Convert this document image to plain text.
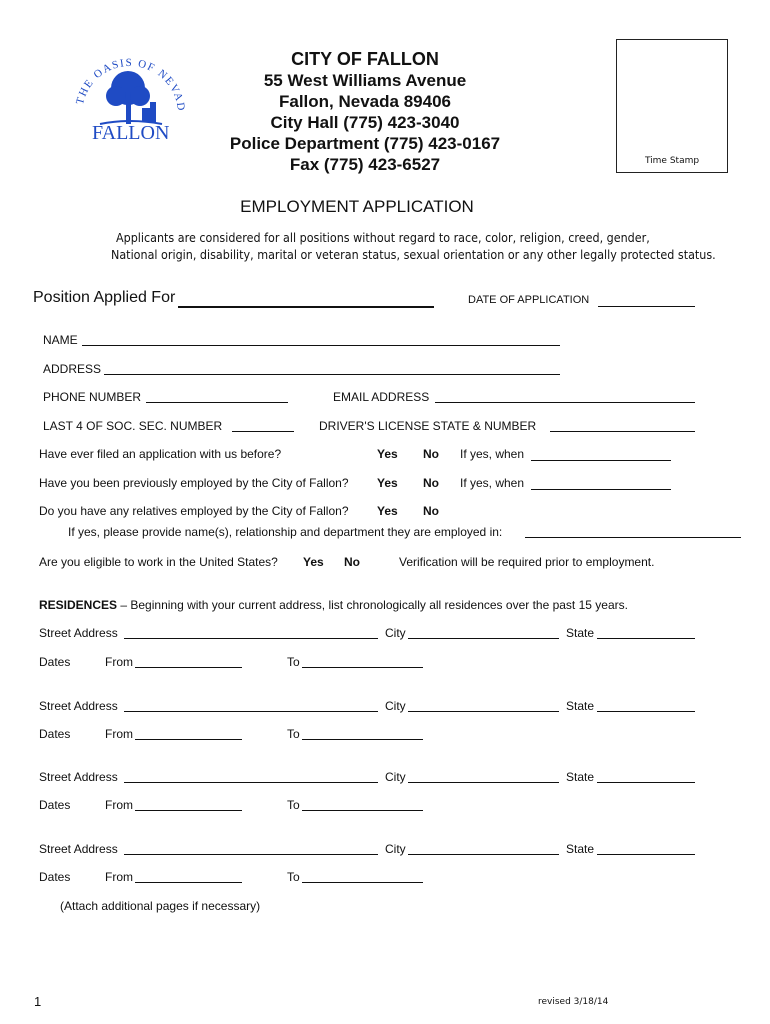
THE OASIS OF NEVAD
FALLON
CITY OF FALLON
55 West Williams Avenue
Fallon, Nevada 89406
City Hall (775) 423-3040
Police Department (775) 423-0167
Fax (775) 423-6527	Time Stamp
EMPLOYMENT APPLICATION
Applicants are considered for all positions without regard to race, color, religion, creed, gender,
National origin, disability, marital or veteran status, sexual orientation or any other legally protected status.
Position Applied For	DATE OF APPLICATION
NAME
ADDRESS
PHONE NUMBER	EMAIL ADDRESS
LAST 4 OF SOC. SEC. NUMBER	DRIVER'S LICENSE STATE & NUMBER
Have ever filed an application with us before?	Yes No If yes, when
Have you been previously employed by the City of Fallon? Yes No If yes, when
Do you have any relatives employed by the City of Fallon? Yes No
If yes, please provide name(s), relationship and department they are employed in:
Are you eligible to work in the United States? Yes No	Verification will be required prior to employment.
RESIDENCES – Beginning with your current address, list chronologically all residences over the past 15 years.
Street Address	City	State
Dates	From	To
Street Address	City	State
Dates	From	To
Street Address	City	State
Dates	From	To
Street Address	City	State
Dates	From	To
(Attach additional pages if necessary)
1	revised 3/18/14
